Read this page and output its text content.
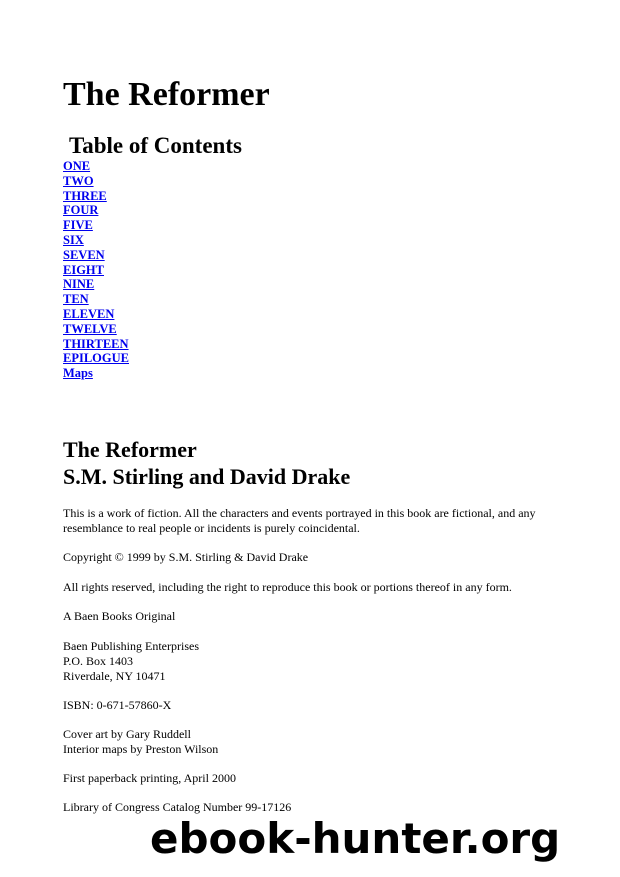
The Reformer
Table of Contents
ONE
TWO
THREE
FOUR
FIVE
SIX
SEVEN
EIGHT
NINE
TEN
ELEVEN
TWELVE
THIRTEEN
EPILOGUE
Maps
The Reformer
S.M. Stirling and David Drake

This is a work of fiction. All the characters and events portrayed in this book are fictional, and any resemblance to real people or incidents is purely coincidental.

Copyright © 1999 by S.M. Stirling & David Drake

All rights reserved, including the right to reproduce this book or portions thereof in any form.

A Baen Books Original

Baen Publishing Enterprises
P.O. Box 1403
Riverdale, NY 10471

ISBN: 0-671-57860-X

Cover art by Gary Ruddell
Interior maps by Preston Wilson

First paperback printing, April 2000

Library of Congress Catalog Number 99-17126

ebook-hunter.org
